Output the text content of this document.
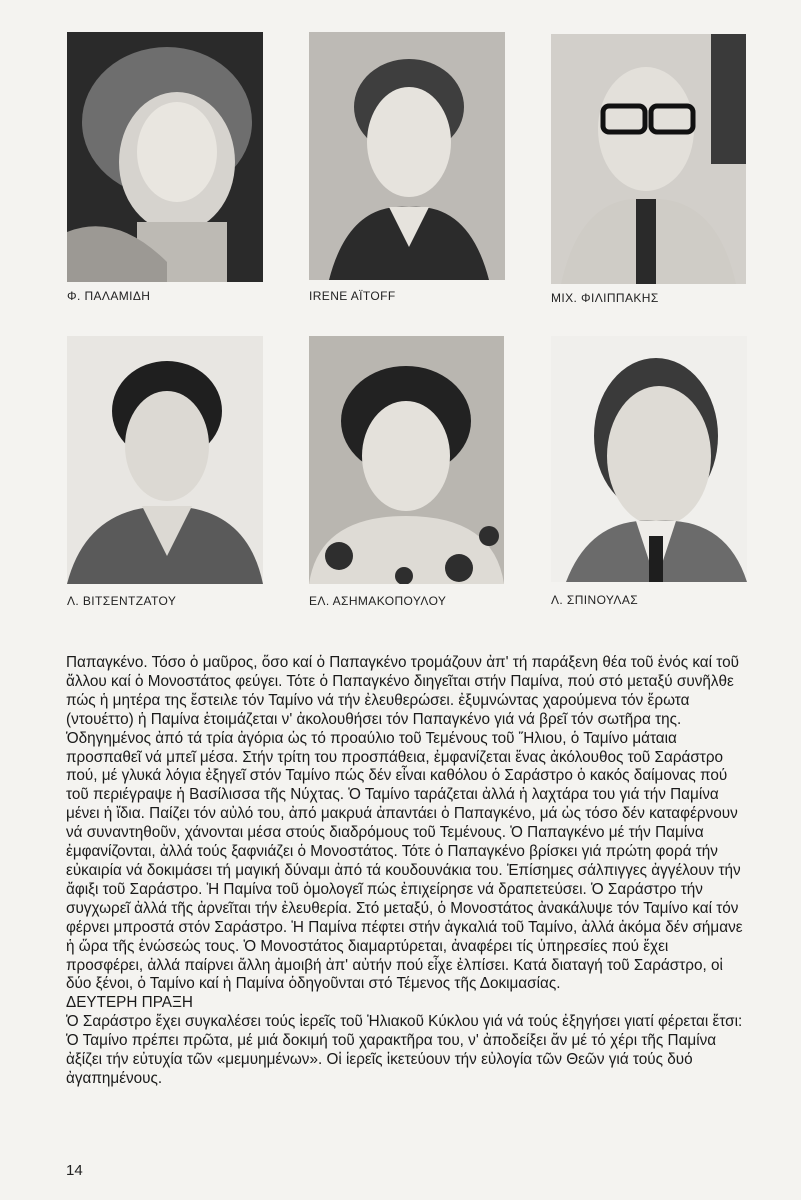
Φ. ΠΑΛΑΜΙΔΗ	IRENE AÏTOFF	ΜΙΧ. ΦΙΛΙΠΠΑΚΗΣ
Λ. ΒΙΤΣΕΝΤΖΑΤΟΥ	ΕΛ. ΑΣΗΜΑΚΟΠΟΥΛΟΥ	Λ. ΣΠΙΝΟΥΛΑΣ

Παπαγκένο. Τόσο ὁ μαῦρος, ὅσο καί ὁ Παπαγκένο τρομάζουν ἀπ' τή παράξενη θέα τοῦ ἑνός καί τοῦ ἄλλου καί ὁ Μονοστάτος φεύγει. Τότε ὁ Παπαγκένο διηγεῖται στήν Παμίνα, πού στό μεταξύ συνῆλθε πώς ἡ μητέρα της ἔστειλε τόν Ταμίνο νά τήν ἐλευθερώσει. ἐξυμνώντας χαρούμενα τόν ἔρωτα (ντουέττο) ἡ Παμίνα ἑτοιμάζεται ν' ἀκολουθήσει τόν Παπαγκένο γιά νά βρεῖ τόν σωτῆρα της.

Ὁδηγημένος ἀπό τά τρία ἀγόρια ὡς τό προαύλιο τοῦ Τεμένους τοῦ Ἥλιου, ὁ Ταμίνο μάταια προσπαθεῖ νά μπεῖ μέσα. Στήν τρίτη του προσπάθεια, ἐμφανίζεται ἕνας ἀκόλουθος τοῦ Σαράστρο πού, μέ γλυκά λόγια ἐξηγεῖ στόν Ταμίνο πώς δέν εἶναι καθόλου ὁ Σαράστρο ὁ κακός δαίμονας πού τοῦ περιέγραψε ἡ Βασίλισσα τῆς Νύχτας. Ὁ Ταμίνο ταράζεται ἀλλά ἡ λαχτάρα του γιά τήν Παμίνα μένει ἡ ἴδια. Παίζει τόν αὐλό του, ἀπό μακρυά ἀπαντάει ὁ Παπαγκένο, μά ὡς τόσο δέν καταφέρνουν νά συναντηθοῦν, χάνονται μέσα στούς διαδρόμους τοῦ Τεμένους. Ὁ Παπαγκένο μέ τήν Παμίνα ἐμφανίζονται, ἀλλά τούς ξαφνιάζει ὁ Μονοστάτος. Τότε ὁ Παπαγκένο βρίσκει γιά πρώτη φορά τήν εὐκαιρία νά δοκιμάσει τή μαγική δύναμι ἀπό τά κουδουνάκια του. Ἐπίσημες σάλπιγγες ἀγγέλουν τήν ἄφιξι τοῦ Σαράστρο. Ἡ Παμίνα τοῦ ὁμολογεῖ πώς ἐπιχείρησε νά δραπετεύσει. Ὁ Σαράστρο τήν συγχωρεῖ ἀλλά τῆς ἀρνεῖται τήν ἐλευθερία. Στό μεταξύ, ὁ Μονοστάτος ἀνακάλυψε τόν Ταμίνο καί τόν φέρνει μπροστά στόν Σαράστρο. Ἡ Παμίνα πέφτει στήν ἀγκαλιά τοῦ Ταμίνο, ἀλλά ἀκόμα δέν σήμανε ἡ ὥρα τῆς ἑνώσεώς τους. Ὁ Μονοστάτος διαμαρτύρεται, ἀναφέρει τίς ὑπηρεσίες πού ἔχει προσφέρει, ἀλλά παίρνει ἄλλη ἀμοιβή ἀπ' αὐτήν πού εἶχε ἐλπίσει. Κατά διαταγή τοῦ Σαράστρο, οἱ δύο ξένοι, ὁ Ταμίνο καί ἡ Παμίνα ὁδηγοῦνται στό Τέμενος τῆς Δοκιμασίας.

ΔΕΥΤΕΡΗ ΠΡΑΞΗ

Ὁ Σαράστρο ἔχει συγκαλέσει τούς ἱερεῖς τοῦ Ἡλιακοῦ Κύκλου γιά νά τούς ἐξηγήσει γιατί φέρεται ἔτσι: Ὁ Ταμίνο πρέπει πρῶτα, μέ μιά δοκιμή τοῦ χαρακτῆρα του, ν' ἀποδείξει ἄν μέ τό χέρι τῆς Παμίνα ἀξίζει τήν εὐτυχία τῶν «μεμυημένων». Οἱ ἱερεῖς ἱκετεύουν τήν εὐλογία τῶν Θεῶν γιά τούς δυό ἀγαπημένους.

14
